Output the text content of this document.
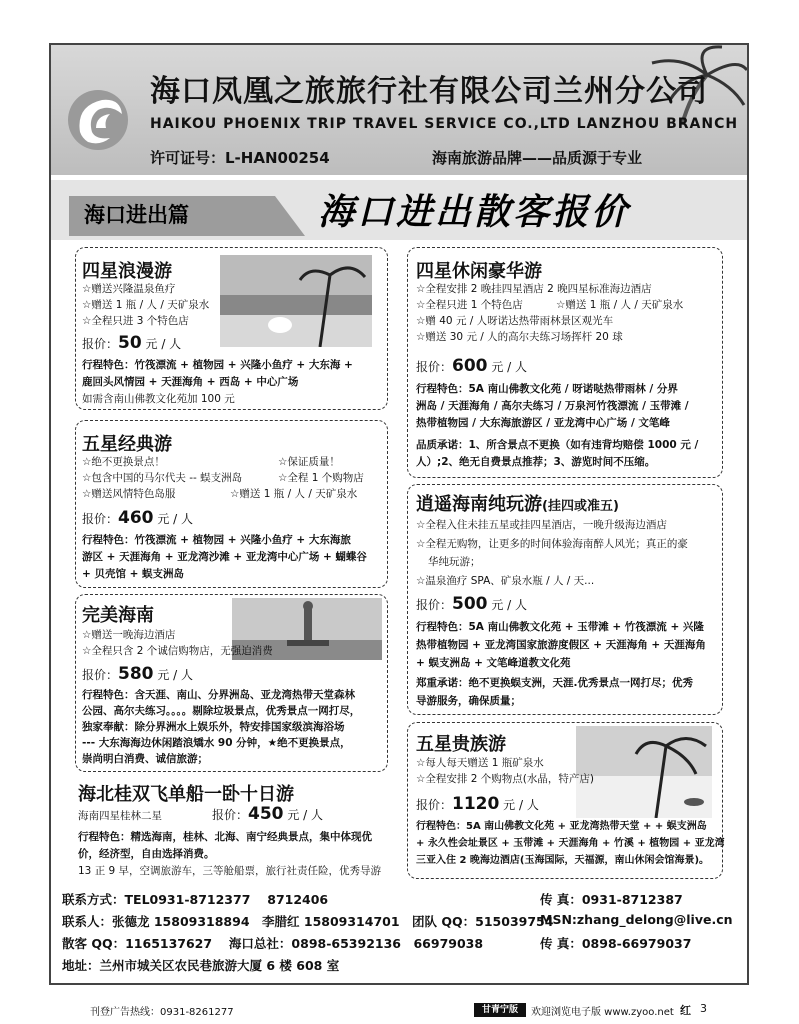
海口凤凰之旅旅行社有限公司兰州分公司
HAIKOU PHOENIX TRIP TRAVEL SERVICE CO.,LTD LANZHOU BRANCH
许可证号：L-HAN00254	海南旅游品牌——品质源于专业
海口进出篇	海口进出散客报价
四星浪漫游
☆赠送兴隆温泉鱼疗
☆赠送 1 瓶 / 人 / 天矿泉水
☆全程只进 3 个特色店
报价：50 元 / 人
行程特色：竹筏漂流 + 植物园 + 兴隆小鱼疗 + 大东海 +
鹿回头风情园 + 天涯海角 + 西岛 + 中心广场
如需含南山佛教文化苑加 100 元
五星经典游
☆绝不更换景点！	☆保证质量！
☆包含中国的马尔代夫 -- 蜈支洲岛	☆全程 1 个购物店
☆赠送风情特色岛服	☆赠送 1 瓶 / 人 / 天矿泉水
报价：460 元 / 人
行程特色：竹筏漂流 + 植物园 + 兴隆小鱼疗 + 大东海旅
游区 + 天涯海角 + 亚龙湾沙滩 + 亚龙湾中心广场 + 蝴蝶谷
+ 贝壳馆 + 蜈支洲岛
完美海南
☆赠送一晚海边酒店
☆全程只含 2 个诚信购物店，无强迫消费
报价：580 元 / 人
行程特色：含天涯、南山、分界洲岛、亚龙湾热带天堂森林
公园、高尔夫练习。。。。剔除垃圾景点，优秀景点一网打尽，
独家奉献：除分界洲水上娱乐外，特安排国家级滨海浴场
--- 大东海海边休闲踏浪矯水 90 分钟，★绝不更换景点，
崇尚明白消费、诚信旅游；
海北桂双飞单船一卧十日游
海南四星桂林二星	报价：450 元 / 人
行程特色：精选海南，桂林、北海、南宁经典景点，集中体现优
价，经济型，自由选择消费。
13 正 9 早，空调旅游车，三等舱船票，旅行社责任险，优秀导游
四星休闲豪华游
☆全程安排 2 晚挂四星酒店 2 晚四星标准海边酒店
☆全程只进 1 个特色店	☆赠送 1 瓶 / 人 / 天矿泉水
☆赠 40 元 / 人呀诺达热带雨林景区观光车
☆赠送 30 元 / 人的高尔夫练习场挥杆 20 球
报价：600 元 / 人
行程特色：5A 南山佛教文化苑 / 呀诺哒热带雨林 / 分界
洲岛 / 天涯海角 / 高尔夫练习 / 万泉河竹筏漂流 / 玉带滩 /
热带植物园 / 大东海旅游区 / 亚龙湾中心广场 / 文笔峰
品质承诺：1、所含景点不更换（如有违背均赔偿 1000 元 /
人）;2、绝无自费景点推荐；3、游览时间不压缩。
逍遥海南纯玩游(挂四或准五)
☆全程入住未挂五星或挂四星酒店，一晚升级海边酒店
☆全程无购物，让更多的时间体验海南醉人风光；真正的豪
华纯玩游；
☆温泉渔疗 SPA、矿泉水瓶 / 人 / 天...
报价：500 元 / 人
行程特色：5A 南山佛教文化苑 + 玉带滩 + 竹筏漂流 + 兴隆
热带植物园 + 亚龙湾国家旅游度假区 + 天涯海角 + 天涯海角
+ 蜈支洲岛 + 文笔峰道教文化苑
郑重承诺：绝不更换蜈支洲，天涯.优秀景点一网打尽；优秀
导游服务，确保质量；
五星贵族游
☆每人每天赠送 1 瓶矿泉水
☆全程安排 2 个购物点(水晶，特产店)
报价：1120 元 / 人
行程特色：5A 南山佛教文化苑 + 亚龙湾热带天堂 + + 蜈支洲岛
+ 永久性会址景区 + 玉带滩 + 天涯海角 + 竹溪 + 植物园 + 亚龙湾
三亚入住 2 晚海边酒店(玉海国际，天福源，南山休闲会馆海景)。
联系方式：TEL0931-8712377　 8712406	传 真：0931-8712387
联系人：张德龙 15809318894　李腊红 15809314701　团队 QQ：515039754
MSN:zhang_delong@live.cn
散客 QQ：1165137627　 海口总社：0898-65392136　66979038	传 真：0898-66979037
地址：兰州市城关区农民巷旅游大厦 6 楼 608 室
刊登广告热线：0931-8261277	甘青宁版	欢迎浏览电子版 www.zyoo.net 红 3
